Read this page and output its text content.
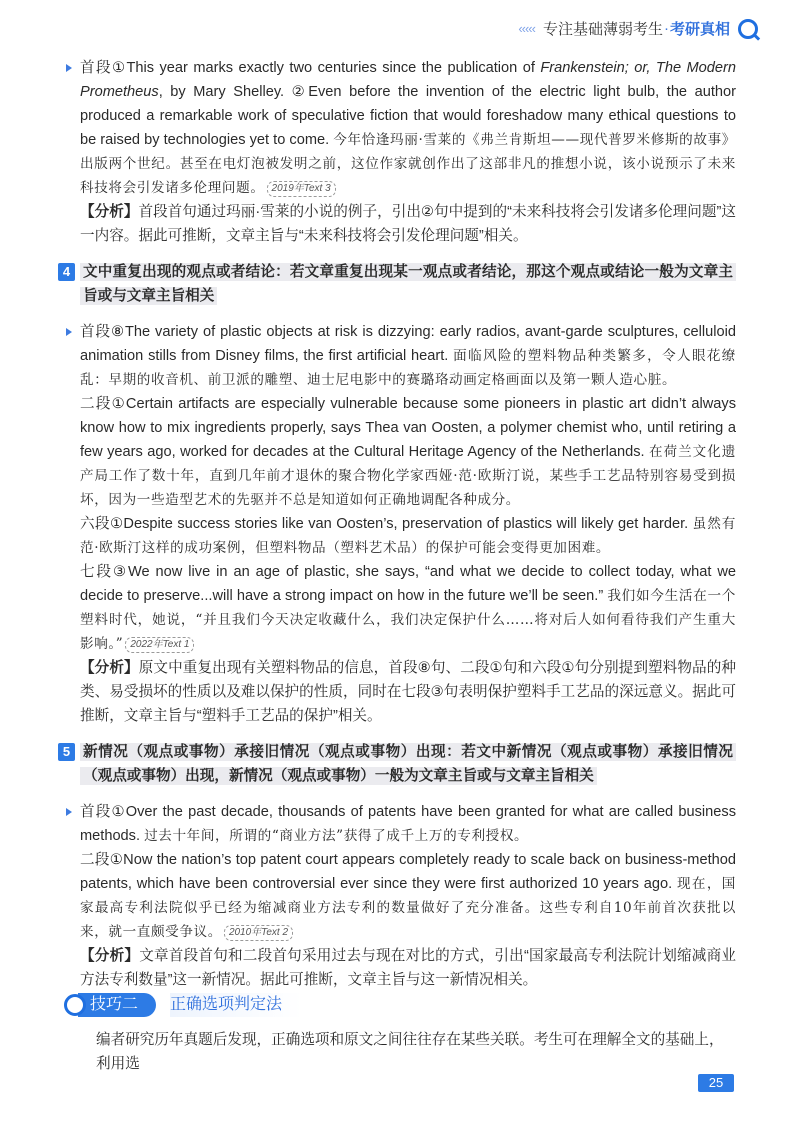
‹‹‹‹‹ 专注基础薄弱考生 · 考研真相

首段①This year marks exactly two centuries since the publication of Frankenstein; or, The Modern Prometheus, by Mary Shelley. ②Even before the invention of the electric light bulb, the author produced a remarkable work of speculative fiction that would foreshadow many ethical questions to be raised by technologies yet to come. 今年恰逢玛丽·雪莱的《弗兰肯斯坦——现代普罗米修斯的故事》出版两个世纪。甚至在电灯泡被发明之前，这位作家就创作出了这部非凡的推想小说，该小说预示了未来科技将会引发诸多伦理问题。 2019年Text 3

【分析】首段首句通过玛丽·雪莱的小说的例子，引出②句中提到的“未来科技将会引发诸多伦理问题”这一内容。据此可推断，文章主旨与“未来科技将会引发伦理问题”相关。

4 文中重复出现的观点或者结论：若文章重复出现某一观点或者结论，那这个观点或结论一般为文章主旨或与文章主旨相关

首段⑧The variety of plastic objects at risk is dizzying: early radios, avant-garde sculptures, celluloid animation stills from Disney films, the first artificial heart. 面临风险的塑料物品种类繁多，令人眼花缭乱：早期的收音机、前卫派的雕塑、迪士尼电影中的赛璐珞动画定格画面以及第一颗人造心脏。

二段①Certain artifacts are especially vulnerable because some pioneers in plastic art didn’t always know how to mix ingredients properly, says Thea van Oosten, a polymer chemist who, until retiring a few years ago, worked for decades at the Cultural Heritage Agency of the Netherlands. 在荷兰文化遗产局工作了数十年，直到几年前才退休的聚合物化学家西娅·范·欧斯汀说，某些手工艺品特别容易受到损坏，因为一些造型艺术的先驱并不总是知道如何正确地调配各种成分。

六段①Despite success stories like van Oosten’s, preservation of plastics will likely get harder. 虽然有范·欧斯汀这样的成功案例，但塑料物品（塑料艺术品）的保护可能会变得更加困难。

七段③We now live in an age of plastic, she says, “and what we decide to collect today, what we decide to preserve...will have a strong impact on how in the future we’ll be seen.” 我们如今生活在一个塑料时代，她说，“并且我们今天决定收藏什么，我们决定保护什么……将对后人如何看待我们产生重大影响。” 2022年Text 1

【分析】原文中重复出现有关塑料物品的信息，首段⑧句、二段①句和六段①句分别提到塑料物品的种类、易受损坏的性质以及难以保护的性质，同时在七段③句表明保护塑料手工艺品的深远意义。据此可推断，文章主旨与“塑料手工艺品的保护”相关。

5 新情况（观点或事物）承接旧情况（观点或事物）出现：若文中新情况（观点或事物）承接旧情况（观点或事物）出现，新情况（观点或事物）一般为文章主旨或与文章主旨相关

首段①Over the past decade, thousands of patents have been granted for what are called business methods. 过去十年间，所谓的“商业方法”获得了成千上万的专利授权。

二段①Now the nation’s top patent court appears completely ready to scale back on business-method patents, which have been controversial ever since they were first authorized 10 years ago. 现在，国家最高专利法院似乎已经为缩减商业方法专利的数量做好了充分准备。这些专利自10年前首次获批以来，就一直颇受争议。 2010年Text 2

【分析】文章首段首句和二段首句采用过去与现在对比的方式，引出“国家最高专利法院计划缩减商业方法专利数量”这一新情况。据此可推断，文章主旨与这一新情况相关。

技巧二	正确选项判定法
编者研究历年真题后发现，正确选项和原文之间往往存在某些关联。考生可在理解全文的基础上，利用选
25
